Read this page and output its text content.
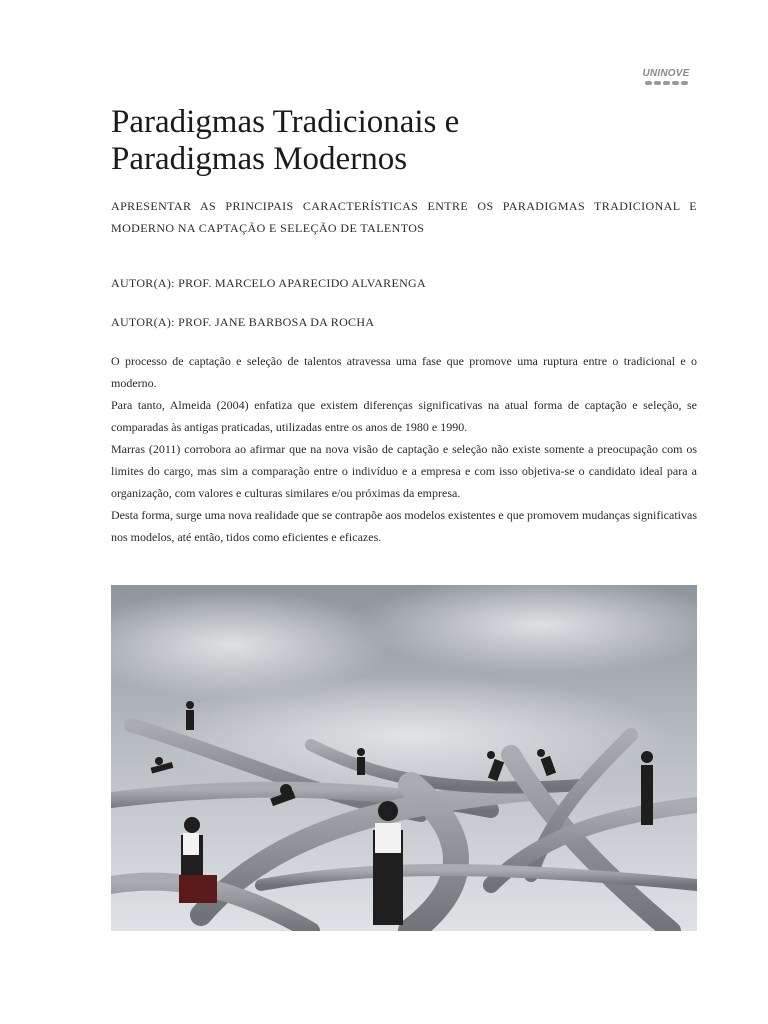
UNINOVE
Paradigmas Tradicionais e
Paradigmas Modernos

APRESENTAR AS PRINCIPAIS CARACTERÍSTICAS ENTRE OS PARADIGMAS TRADICIONAL E MODERNO NA CAPTAÇÃO E SELEÇÃO DE TALENTOS

AUTOR(A): PROF. MARCELO APARECIDO ALVARENGA

AUTOR(A): PROF. JANE BARBOSA DA ROCHA

O processo de captação e seleção de talentos atravessa uma fase que promove uma ruptura entre o tradicional e o moderno.

Para tanto, Almeida (2004) enfatiza que existem diferenças significativas na atual forma de captação e seleção, se comparadas às antigas praticadas, utilizadas entre os anos de 1980 e 1990.

Marras (2011) corrobora ao afirmar que na nova visão de captação e seleção não existe somente a preocupação com os limites do cargo, mas sim a comparação entre o indivíduo e a empresa e com isso objetiva-se o candidato ideal para a organização, com valores e culturas similares e/ou próximas da empresa.

Desta forma, surge uma nova realidade que se contrapõe aos modelos existentes e que promovem mudanças significativas nos modelos, até então, tidos como eficientes e eficazes.
